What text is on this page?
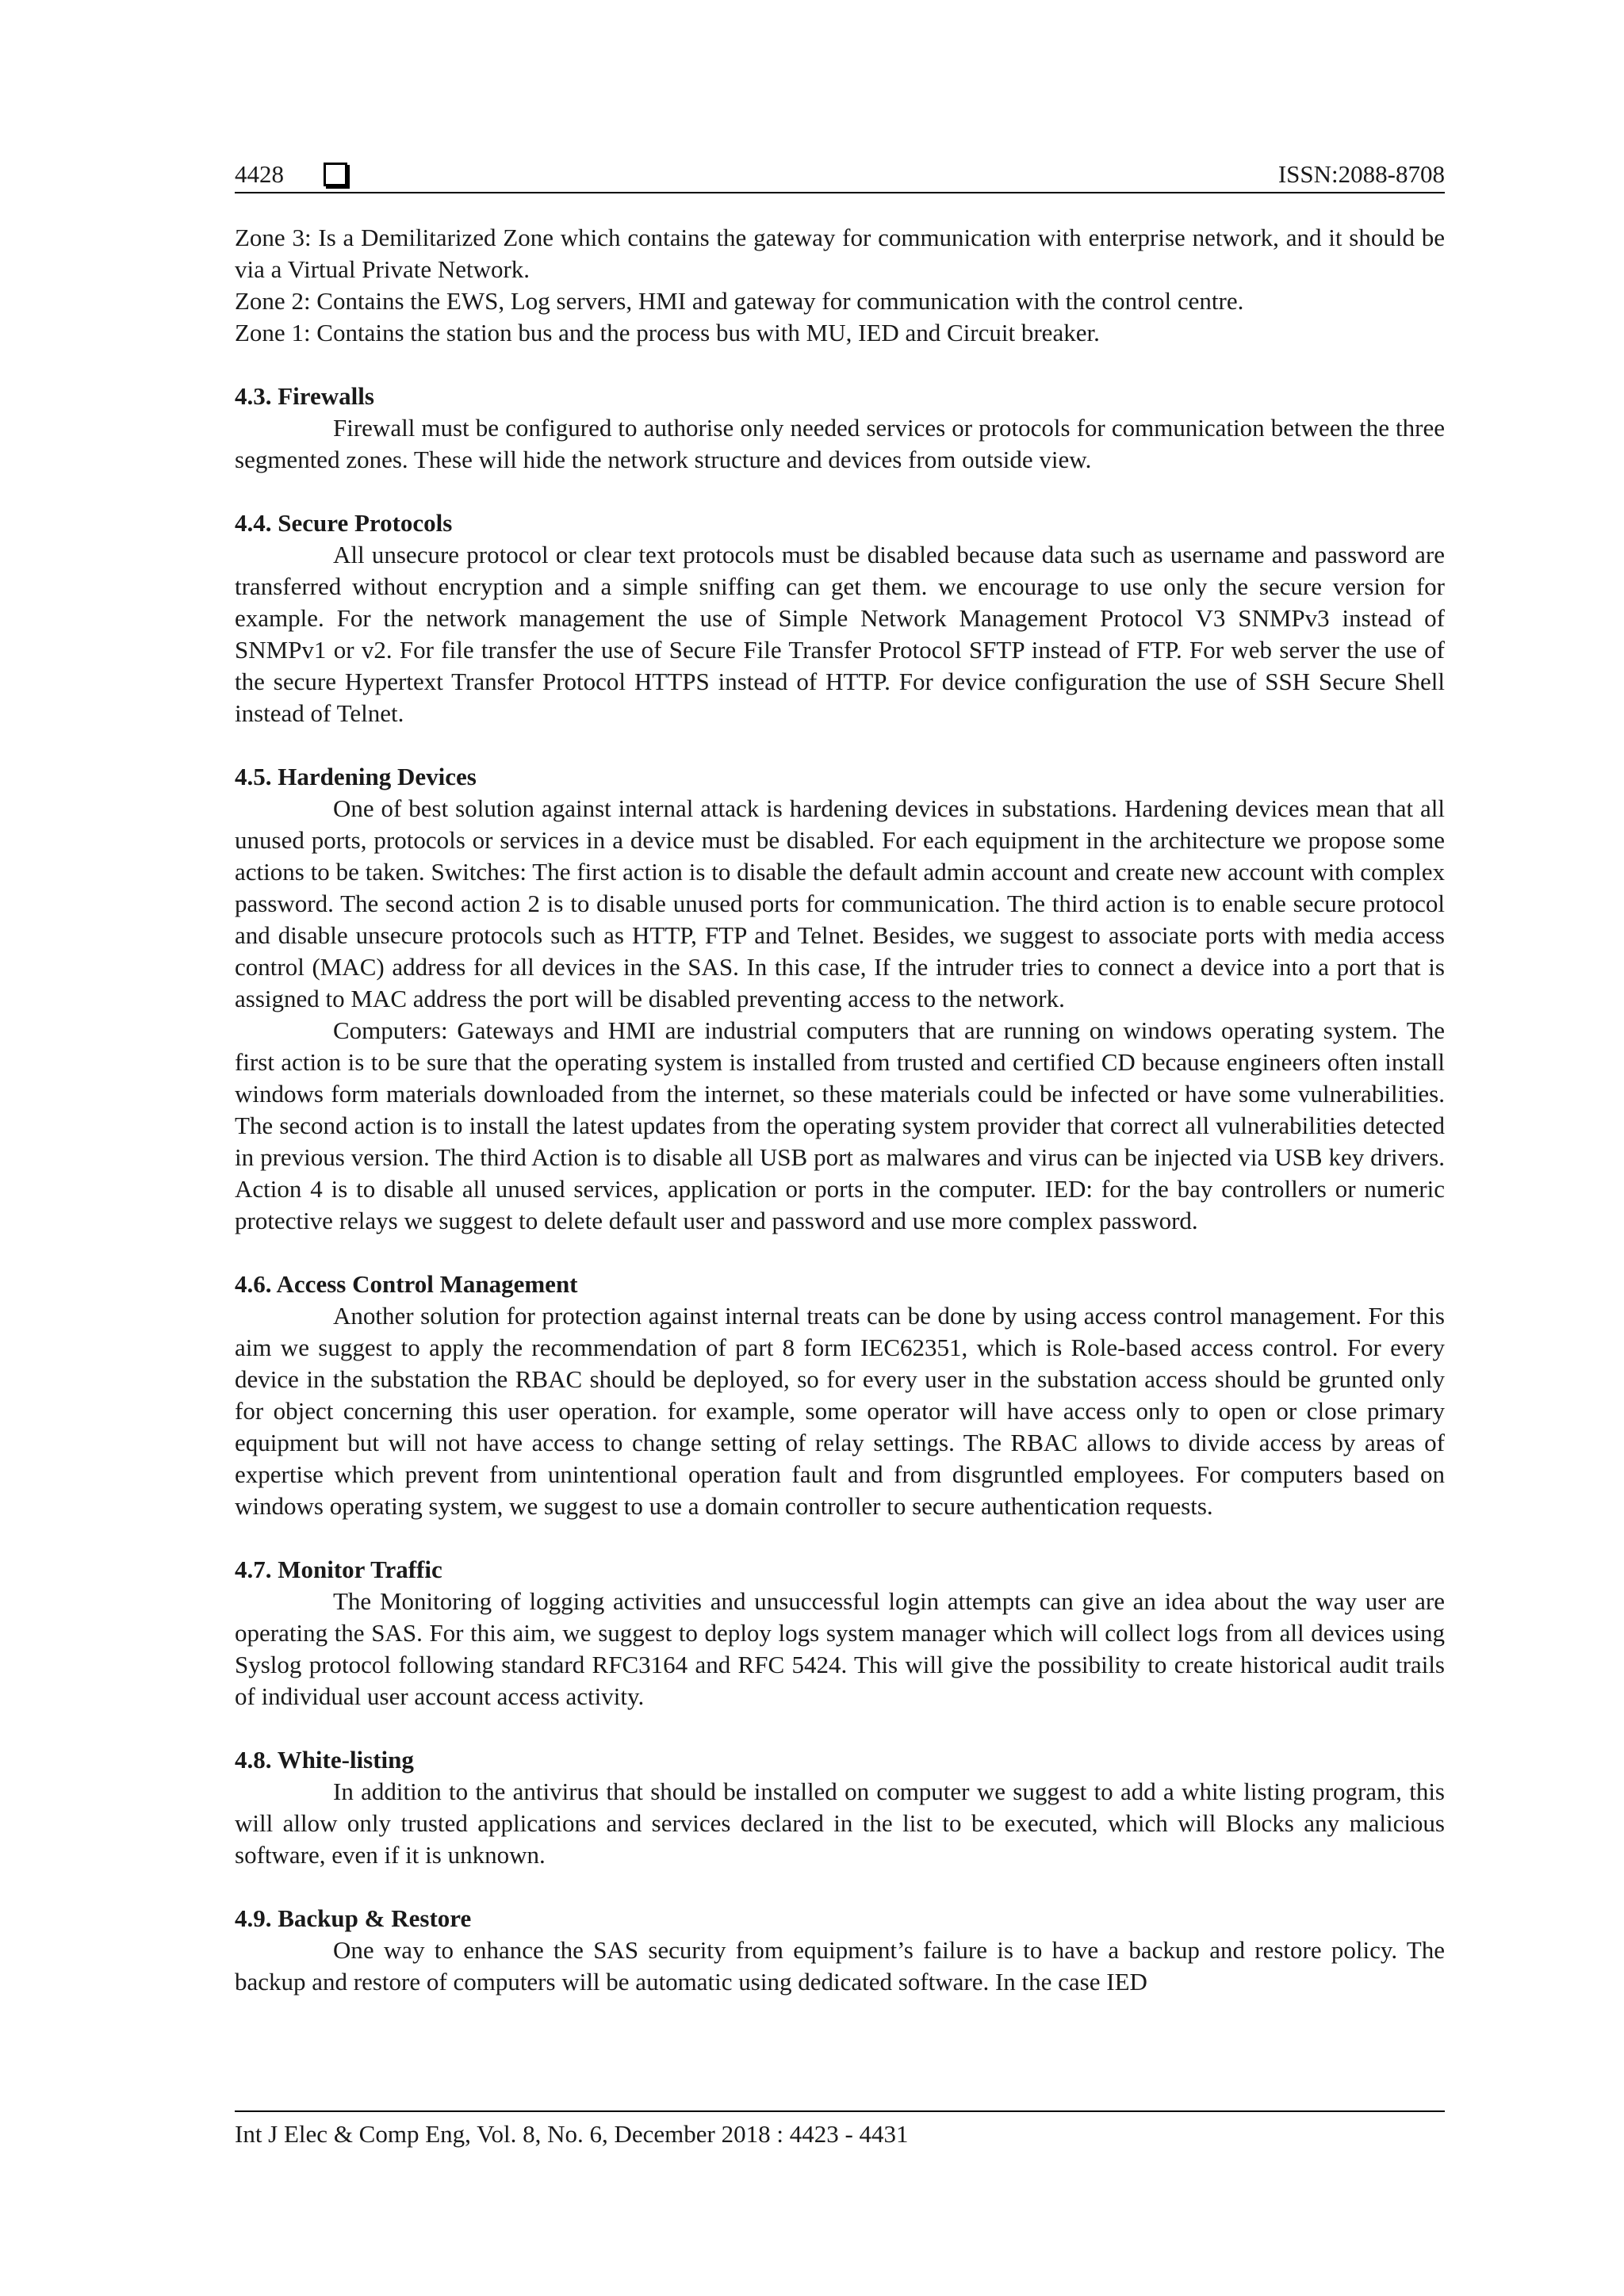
4428	ISSN:2088-8708

Zone 3: Is a Demilitarized Zone which contains the gateway for communication with enterprise network, and it should be via a Virtual Private Network.

Zone 2: Contains the EWS, Log servers, HMI and gateway for communication with the control centre.

Zone 1: Contains the station bus and the process bus with MU, IED and Circuit breaker.

4.3. Firewalls

Firewall must be configured to authorise only needed services or protocols for communication between the three segmented zones. These will hide the network structure and devices from outside view.

4.4. Secure Protocols

All unsecure protocol or clear text protocols must be disabled because data such as username and password are transferred without encryption and a simple sniffing can get them. we encourage to use only the secure version for example. For the network management the use of Simple Network Management Protocol V3 SNMPv3 instead of SNMPv1 or v2. For file transfer the use of Secure File Transfer Protocol SFTP instead of FTP. For web server the use of the secure Hypertext Transfer Protocol HTTPS instead of HTTP. For device configuration the use of SSH Secure Shell instead of Telnet.

4.5. Hardening Devices

One of best solution against internal attack is hardening devices in substations. Hardening devices mean that all unused ports, protocols or services in a device must be disabled. For each equipment in the architecture we propose some actions to be taken. Switches: The first action is to disable the default admin account and create new account with complex password. The second action 2 is to disable unused ports for communication. The third action is to enable secure protocol and disable unsecure protocols such as HTTP, FTP and Telnet. Besides, we suggest to associate ports with media access control (MAC) address for all devices in the SAS. In this case, If the intruder tries to connect a device into a port that is assigned to MAC address the port will be disabled preventing access to the network.

Computers: Gateways and HMI are industrial computers that are running on windows operating system. The first action is to be sure that the operating system is installed from trusted and certified CD because engineers often install windows form materials downloaded from the internet, so these materials could be infected or have some vulnerabilities. The second action is to install the latest updates from the operating system provider that correct all vulnerabilities detected in previous version. The third Action is to disable all USB port as malwares and virus can be injected via USB key drivers. Action 4 is to disable all unused services, application or ports in the computer. IED: for the bay controllers or numeric protective relays we suggest to delete default user and password and use more complex password.

4.6. Access Control Management

Another solution for protection against internal treats can be done by using access control management. For this aim we suggest to apply the recommendation of part 8 form IEC62351, which is Role-based access control. For every device in the substation the RBAC should be deployed, so for every user in the substation access should be grunted only for object concerning this user operation. for example, some operator will have access only to open or close primary equipment but will not have access to change setting of relay settings. The RBAC allows to divide access by areas of expertise which prevent from unintentional operation fault and from disgruntled employees. For computers based on windows operating system, we suggest to use a domain controller to secure authentication requests.

4.7. Monitor Traffic

The Monitoring of logging activities and unsuccessful login attempts can give an idea about the way user are operating the SAS. For this aim, we suggest to deploy logs system manager which will collect logs from all devices using Syslog protocol following standard RFC3164 and RFC 5424. This will give the possibility to create historical audit trails of individual user account access activity.

4.8. White-listing

In addition to the antivirus that should be installed on computer we suggest to add a white listing program, this will allow only trusted applications and services declared in the list to be executed, which will Blocks any malicious software, even if it is unknown.

4.9. Backup & Restore

One way to enhance the SAS security from equipment’s failure is to have a backup and restore policy. The backup and restore of computers will be automatic using dedicated software. In the case IED

Int J Elec & Comp Eng, Vol. 8, No. 6, December 2018 : 4423 - 4431
